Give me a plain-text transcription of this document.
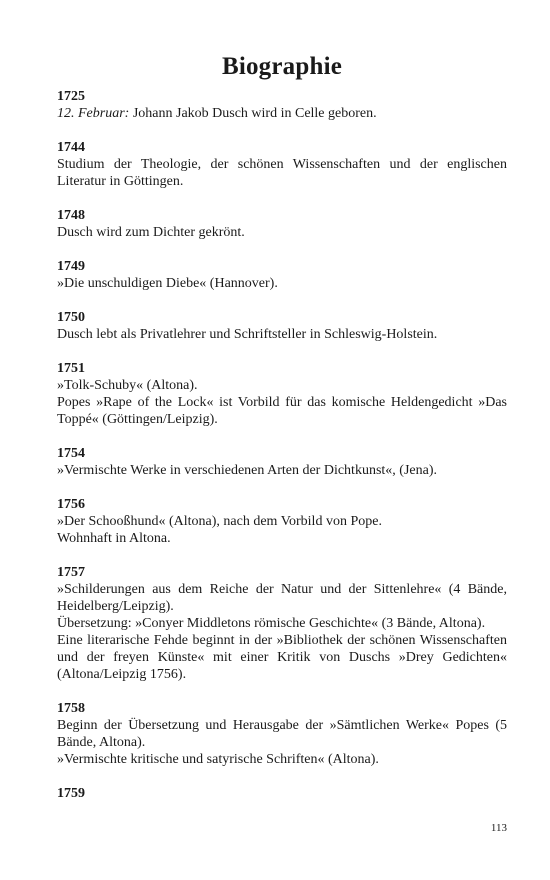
Biographie
1725
12. Februar: Johann Jakob Dusch wird in Celle geboren.
1744
Studium der Theologie, der schönen Wissenschaften und der englischen Literatur in Göttingen.
1748
Dusch wird zum Dichter gekrönt.
1749
»Die unschuldigen Diebe« (Hannover).
1750
Dusch lebt als Privatlehrer und Schriftsteller in Schleswig-Holstein.
1751
»Tolk-Schuby« (Altona).
Popes »Rape of the Lock« ist Vorbild für das komische Heldengedicht »Das Toppé« (Göttingen/Leipzig).
1754
»Vermischte Werke in verschiedenen Arten der Dichtkunst«, (Jena).
1756
»Der Schooßhund« (Altona), nach dem Vorbild von Pope.
Wohnhaft in Altona.
1757
»Schilderungen aus dem Reiche der Natur und der Sittenlehre« (4 Bände, Heidelberg/Leipzig).
Übersetzung: »Conyer Middletons römische Geschichte« (3 Bände, Altona).
Eine literarische Fehde beginnt in der »Bibliothek der schönen Wissenschaften und der freyen Künste« mit einer Kritik von Duschs »Drey Gedichten« (Altona/Leipzig 1756).
1758
Beginn der Übersetzung und Herausgabe der »Sämtlichen Werke« Popes (5 Bände, Altona).
»Vermischte kritische und satyrische Schriften« (Altona).
1759
113
